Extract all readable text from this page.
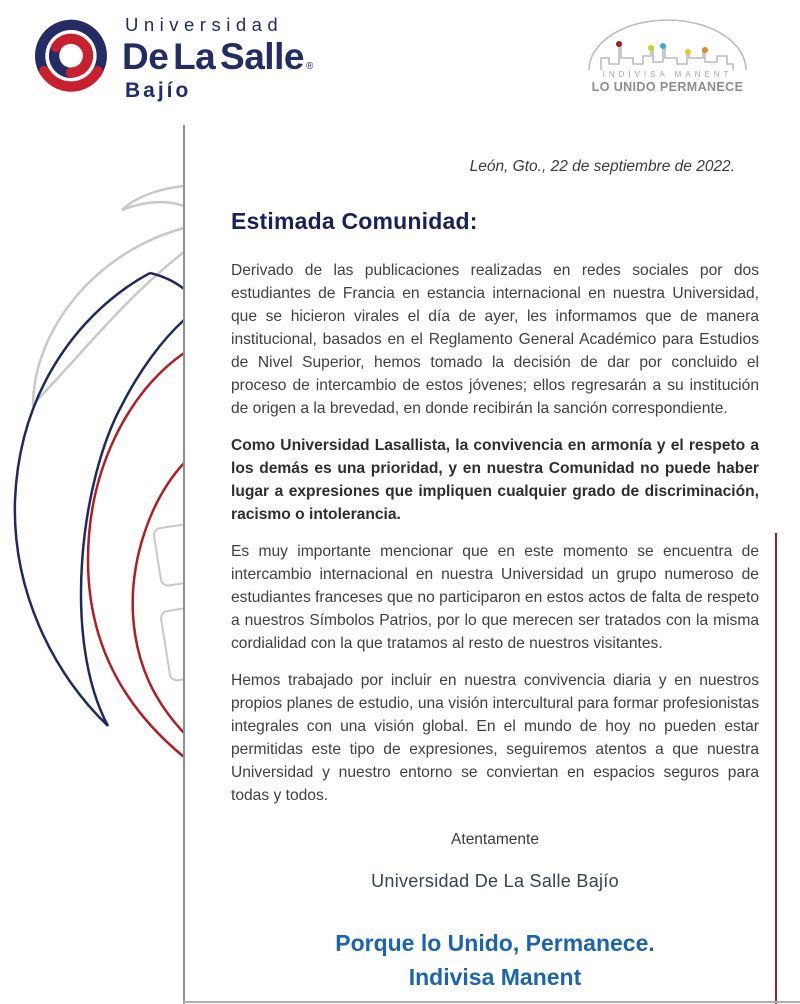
Universidad
De La Salle ®
Bajío
INDIVISA MANENT
LO UNIDO PERMANECE

León, Gto., 22 de septiembre de 2022.

Estimada Comunidad:

Derivado de las publicaciones realizadas en redes sociales por dos estudiantes de Francia en estancia internacional en nuestra Universidad, que se hicieron virales el día de ayer, les informamos que de manera institucional, basados en el Reglamento General Académico para Estudios de Nivel Superior, hemos tomado la decisión de dar por concluido el proceso de intercambio de estos jóvenes; ellos regresarán a su institución de origen a la brevedad, en donde recibirán la sanción correspondiente.

Como Universidad Lasallista, la convivencia en armonía y el respeto a los demás es una prioridad, y en nuestra Comunidad no puede haber lugar a expresiones que impliquen cualquier grado de discriminación, racismo o intolerancia.

Es muy importante mencionar que en este momento se encuentra de intercambio internacional en nuestra Universidad un grupo numeroso de estudiantes franceses que no participaron en estos actos de falta de respeto a nuestros Símbolos Patrios, por lo que merecen ser tratados con la misma cordialidad con la que tratamos al resto de nuestros visitantes.

Hemos trabajado por incluir en nuestra convivencia diaria y en nuestros propios planes de estudio, una visión intercultural para formar profesionistas integrales con una visión global. En el mundo de hoy no pueden estar permitidas este tipo de expresiones, seguiremos atentos a que nuestra Universidad y nuestro entorno se conviertan en espacios seguros para todas y todos.

Atentamente

Universidad De La Salle Bajío

Porque lo Unido, Permanece.
Indivisa Manent
